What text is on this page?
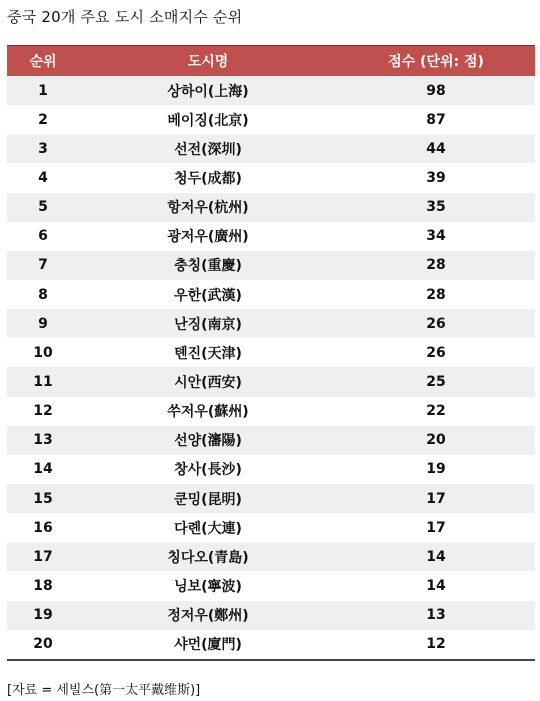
중국 20개 주요 도시 소매지수 순위
순위	도시명	점수 (단위: 점)
1	상하이(上海)	98
2	베이징(北京)	87
3	선전(深圳)	44
4	청두(成都)	39
5	항저우(杭州)	35
6	광저우(廣州)	34
7	충칭(重慶)	28
8	우한(武漢)	28
9	난징(南京)	26
10	톈진(天津)	26
11	시안(西安)	25
12	쑤저우(蘇州)	22
13	선양(瀋陽)	20
14	창사(長沙)	19
15	쿤밍(昆明)	17
16	다롄(大連)	17
17	칭다오(青島)	14
18	닝보(寧波)	14
19	정저우(鄭州)	13
20	샤먼(廈門)	12
[자료 = 세빌스(第一太平戴维斯)]
